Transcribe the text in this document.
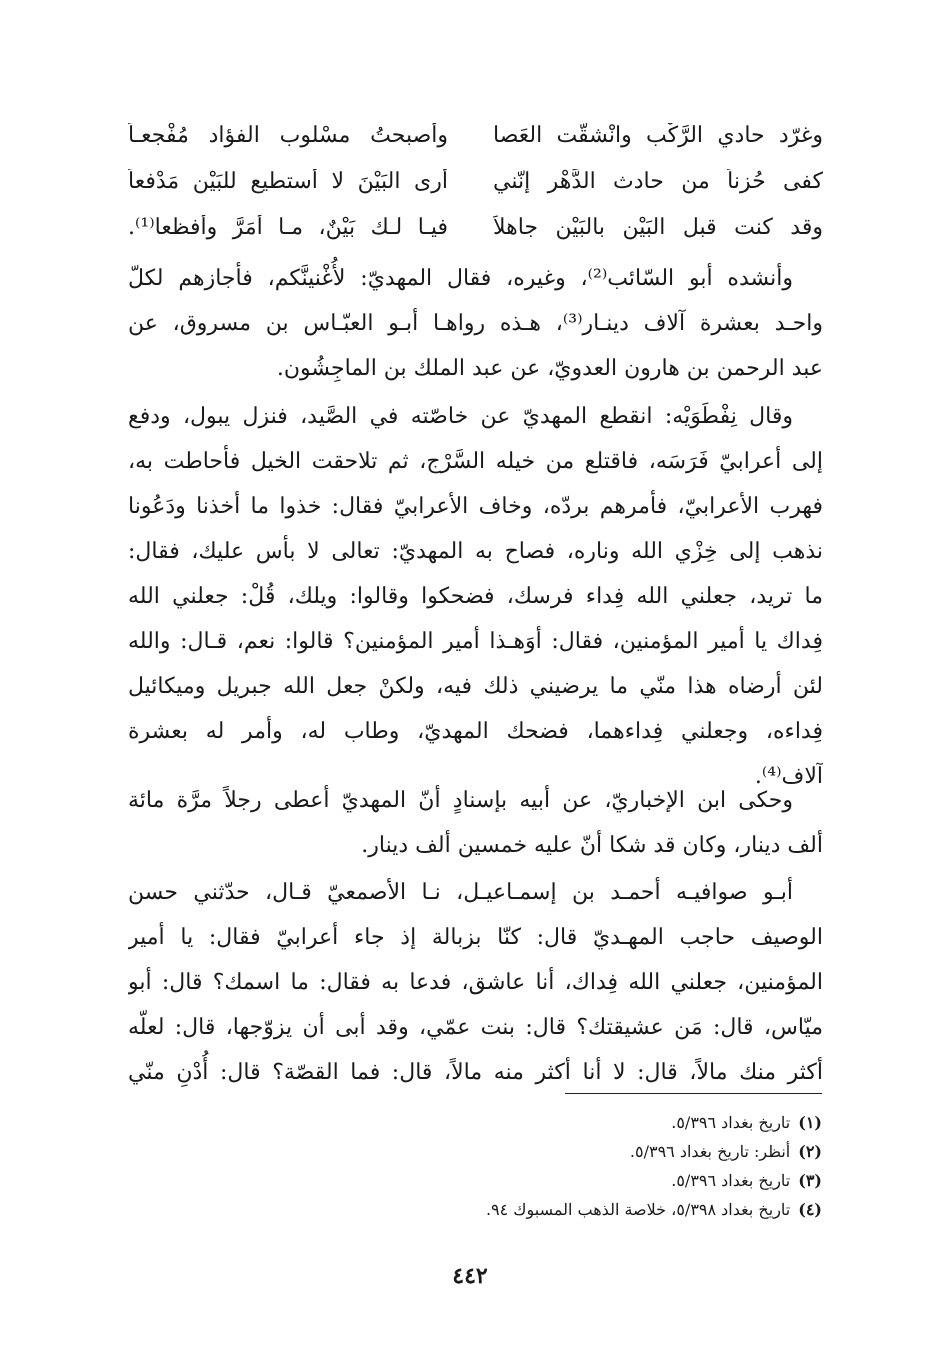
وغرّد حادي الرَّكْب وانْشقَّت العَصا
وأصبحتُ مسْلوب الفؤاد مُفْجعـاً
كفى حُزناً من حادث الدَّهْر إنّني
أرى البَيْنَ لا أستطيع للبَيْن مَدْفعاً
وقد كنت قبل البَيْن بالبَيْن جاهلاً
فيـا لـك بَيْنٌ، مـا أمَرَّ وأفظعا⁽¹⁾.
وأنشده أبو السّائب⁽²⁾، وغيره، فقال المهديّ: لأُغْنينَّكم، فأجازهم لكلّ
واحـد بعشرة آلاف دينـار⁽³⁾، هـذه رواهـا أبـو العبّـاس بن مسروق، عن
عبد الرحمن بن هارون العدويّ، عن عبد الملك بن الماجِشُون.
وقال نِفْطَوَيْه: انقطع المهديّ عن خاصّته في الصَّيد، فنزل يبول، ودفع
إلى أعرابيّ فَرَسَه، فاقتلع من خيله السَّرْج، ثم تلاحقت الخيل فأحاطت به،
فهرب الأعرابيّ، فأمرهم بردّه، وخاف الأعرابيّ فقال: خذوا ما أخذنا ودَعُونا
نذهب إلى خِزْي الله وناره، فصاح به المهديّ: تعالى لا بأس عليك، فقال:
ما تريد، جعلني الله فِداء فرسك، فضحكوا وقالوا: ويلك، قُلْ: جعلني الله
فِداك يا أمير المؤمنين، فقال: أوَهـذا أمير المؤمنين؟ قالوا: نعم، قـال: والله
لئن أرضاه هذا منّي ما يرضيني ذلك فيه، ولكنْ جعل الله جبريل وميكائيل
فِداءه، وجعلني فِداءهما، فضحك المهديّ، وطاب له، وأمر له بعشرة
آلاف⁽⁴⁾.
وحكى ابن الإخباريّ، عن أبيه بإسنادٍ أنّ المهديّ أعطى رجلاً مرَّة مائة
ألف دينار، وكان قد شكا أنّ عليه خمسين ألف دينار.
أبـو صوافيـه أحمـد بن إسمـاعيـل، نـا الأصمعيّ قـال، حدّثني حسن
الوصيف حاجب المهـديّ قال: كنّا بزبالة إذ جاء أعرابيّ فقال: يا أمير
المؤمنين، جعلني الله فِداك، أنا عاشق، فدعا به فقال: ما اسمك؟ قال: أبو
ميّاس، قال: مَن عشيقتك؟ قال: بنت عمّي، وقد أبى أن يزوّجها، قال: لعلّه
أكثر منك مالاً، قال: لا أنا أكثر منه مالاً، قال: فما القصّة؟ قال: أُدْنِ منّي
(١)تاريخ بغداد ٥/٣٩٦.
(٢)أنظر: تاريخ بغداد ٥/٣٩٦.
(٣)تاريخ بغداد ٥/٣٩٦.
(٤)تاريخ بغداد ٥/٣٩٨، خلاصة الذهب المسبوك ٩٤.
٤٤٢
